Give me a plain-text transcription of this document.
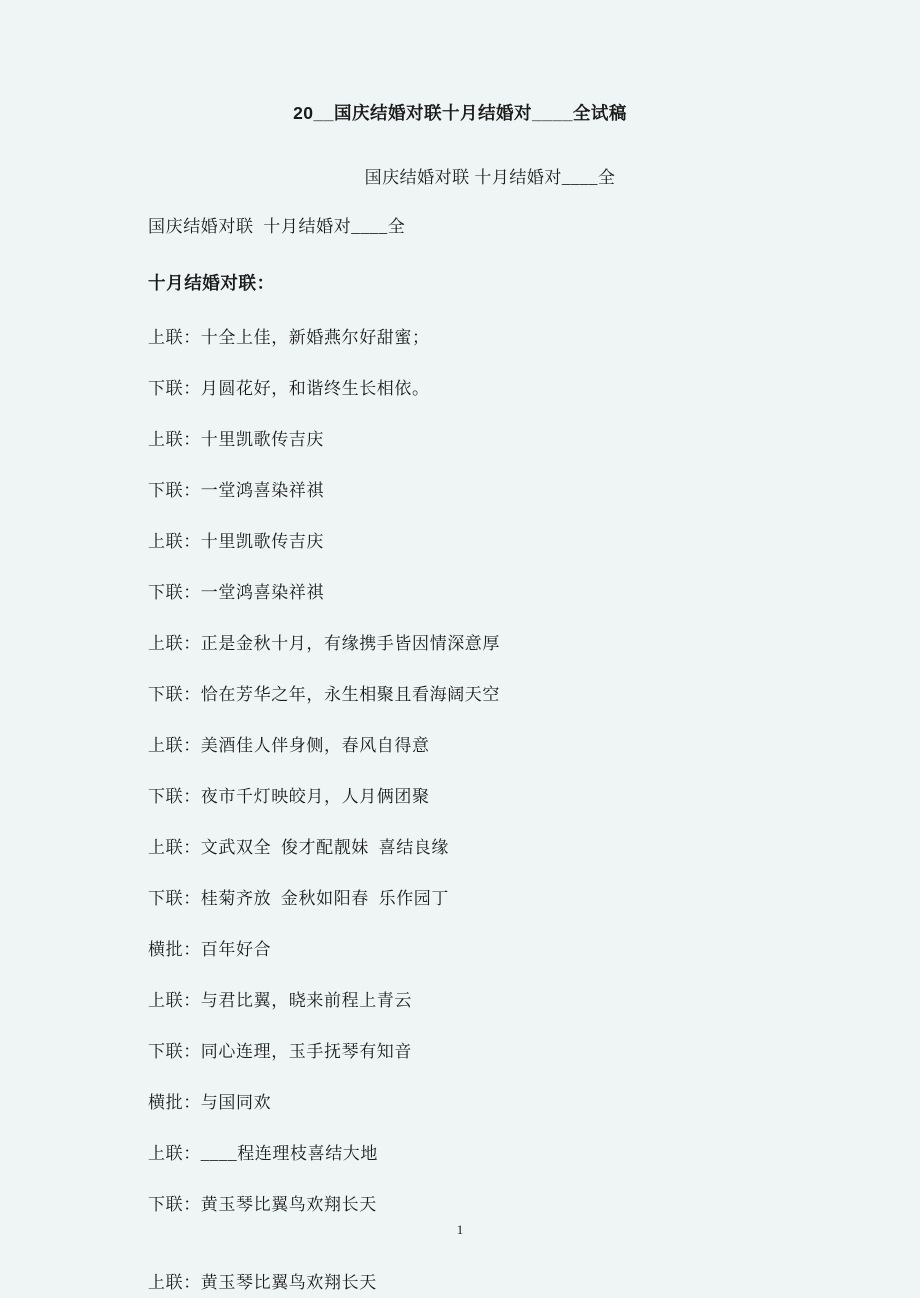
20__国庆结婚对联十月结婚对____全试稿

国庆结婚对联 十月结婚对____全

国庆结婚对联  十月结婚对____全

十月结婚对联：

上联：十全上佳，新婚燕尔好甜蜜；

下联：月圆花好，和谐终生长相依。

上联：十里凯歌传吉庆

下联：一堂鸿喜染祥祺

上联：十里凯歌传吉庆

下联：一堂鸿喜染祥祺

上联：正是金秋十月，有缘携手皆因情深意厚

下联：恰在芳华之年，永生相聚且看海阔天空

上联：美酒佳人伴身侧，春风自得意

下联：夜市千灯映皎月，人月俩团聚

上联：文武双全  俊才配靓妹  喜结良缘

下联：桂菊齐放  金秋如阳春  乐作园丁

横批：百年好合

上联：与君比翼，晓来前程上青云

下联：同心连理，玉手抚琴有知音

横批：与国同欢

上联：____程连理枝喜结大地

下联：黄玉琴比翼鸟欢翔长天

1
上联：黄玉琴比翼鸟欢翔长天
